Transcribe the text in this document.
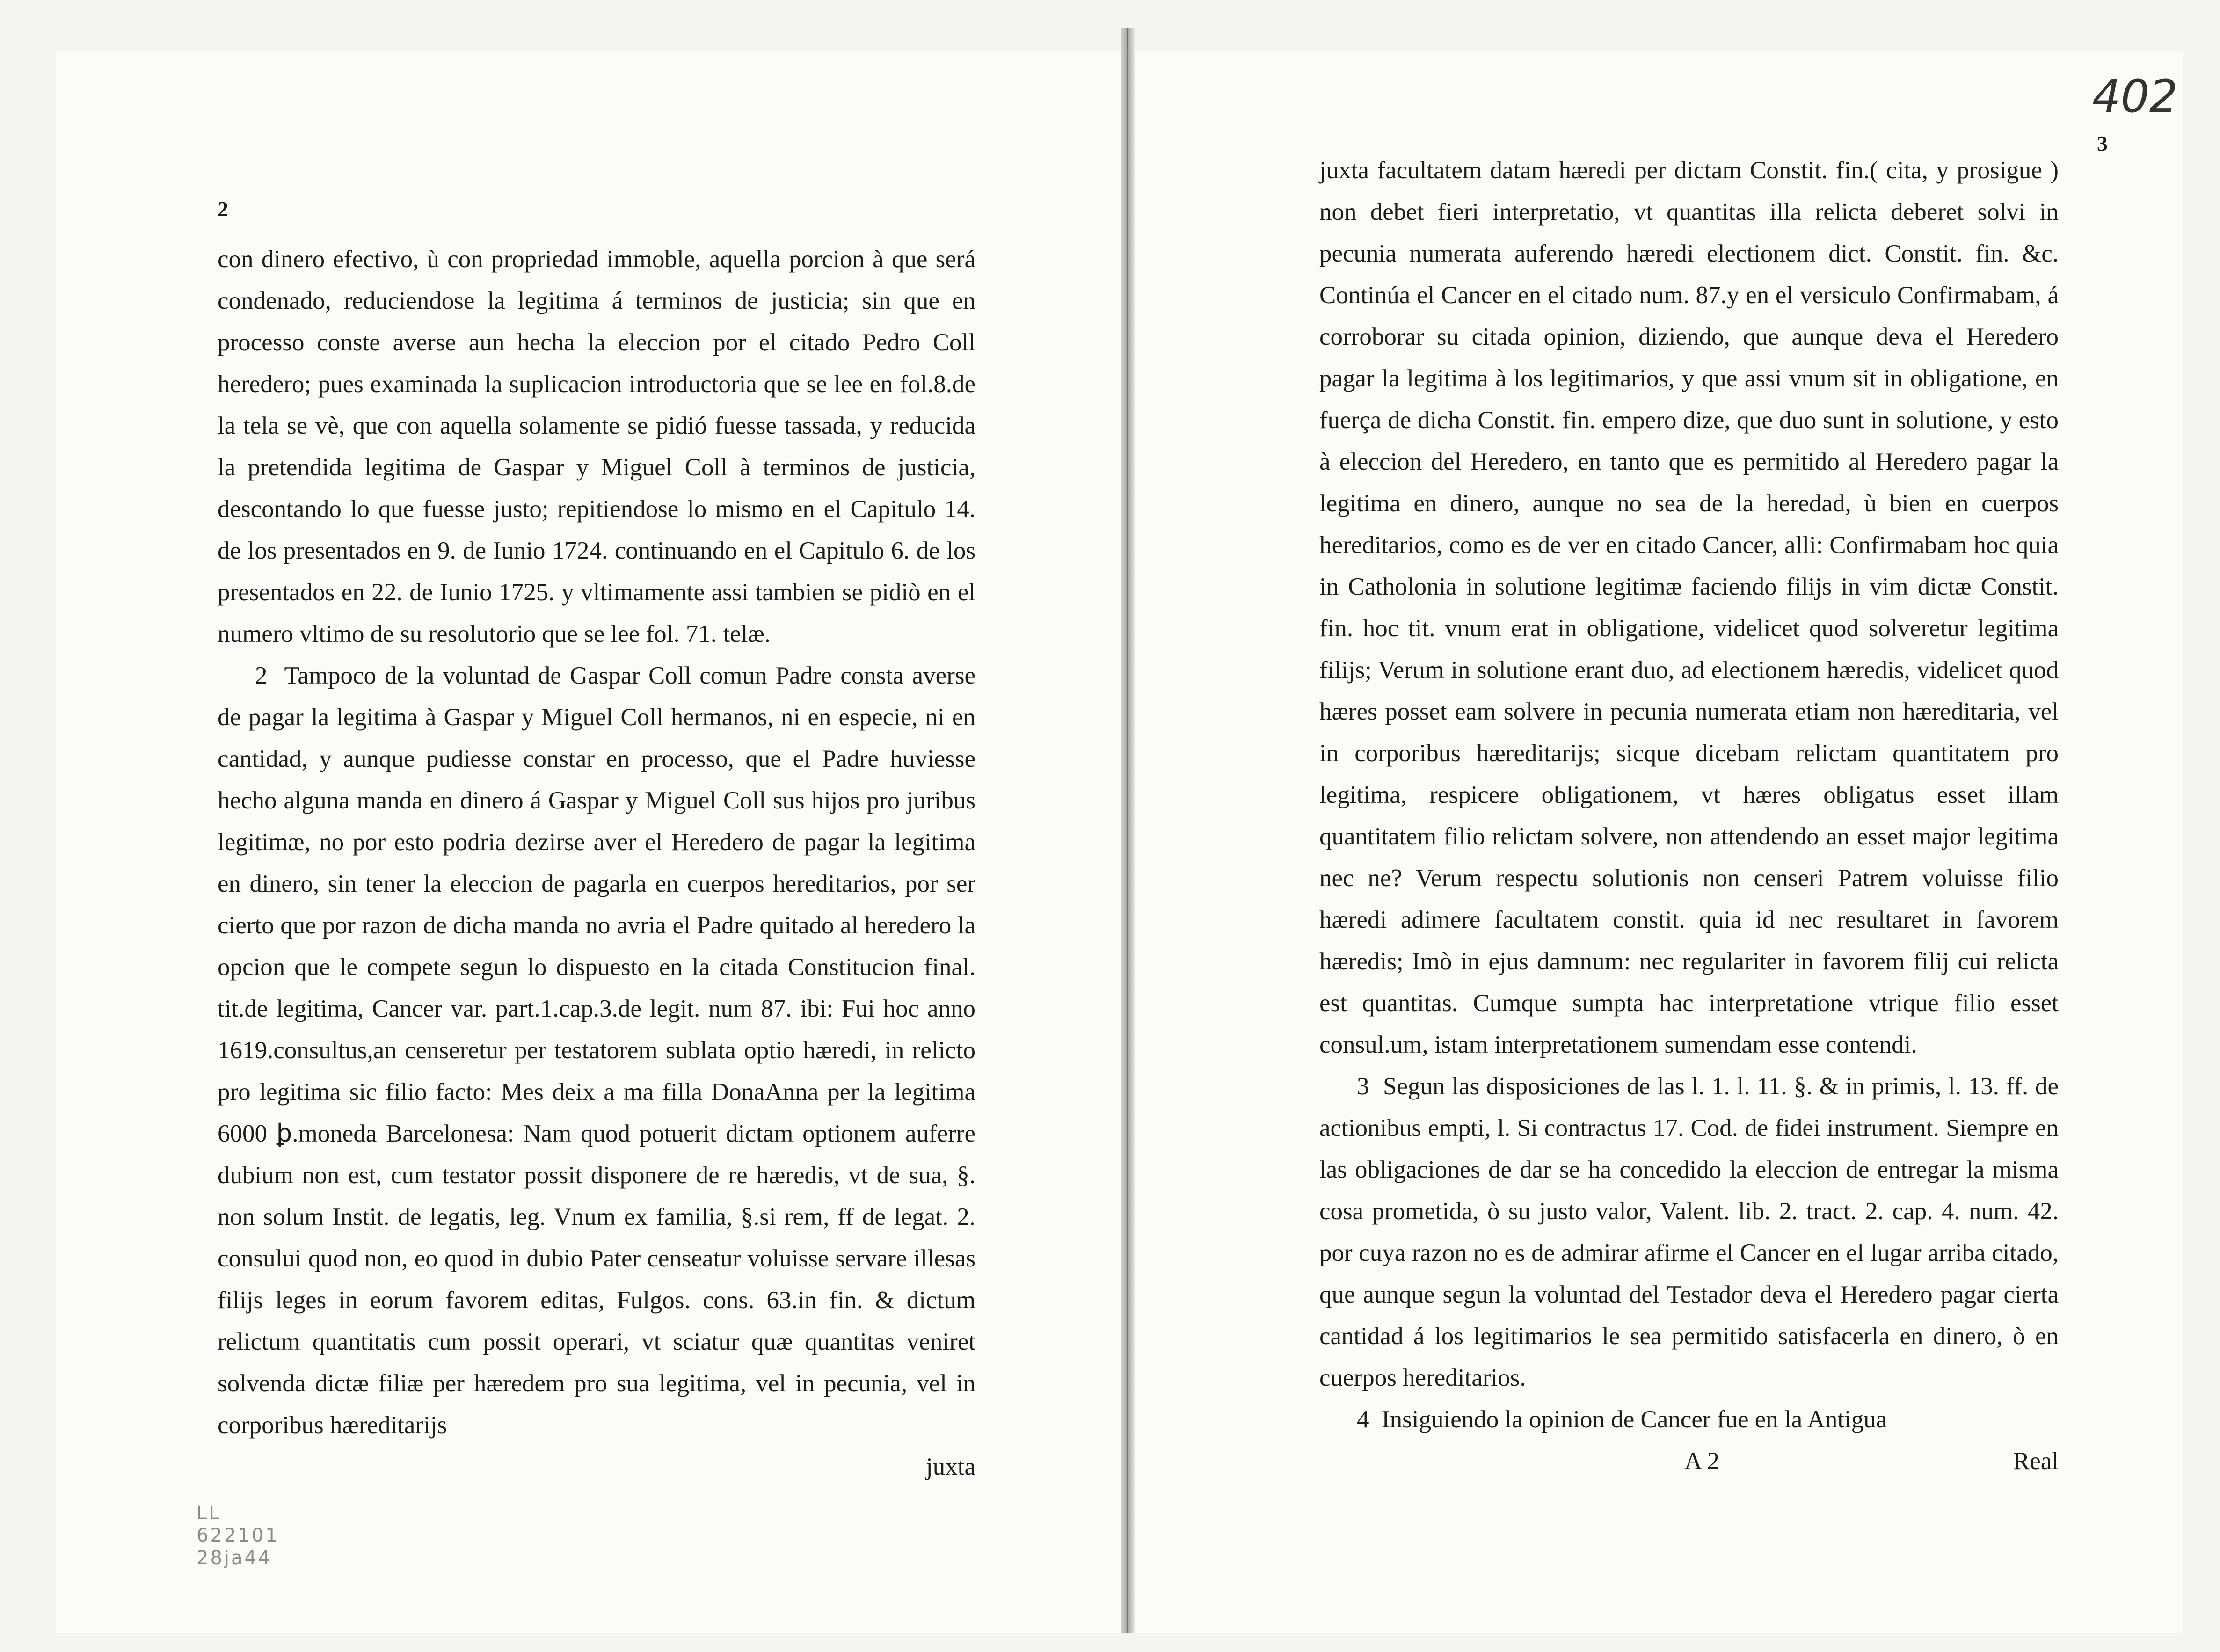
2

con dinero efectivo, ù con propriedad immoble, aquella porcion à que será condenado, reduciendose la legitima á terminos de justicia; sin que en processo conste averse aun hecha la eleccion por el citado Pedro Coll heredero; pues examinada la suplicacion introductoria que se lee en fol.8.de la tela se vè, que con aquella solamente se pidió fuesse tassada, y reducida la pretendida legitima de Gaspar y Miguel Coll à terminos de justicia, descontando lo que fuesse justo; repitiendose lo mismo en el Capitulo 14. de los presentados en 9. de Iunio 1724. continuando en el Capitulo 6. de los presentados en 22. de Iunio 1725. y vltimamente assi tambien se pidiò en el numero vltimo de su resolutorio que se lee fol. 71. telæ.

2 Tampoco de la voluntad de Gaspar Coll comun Padre consta averse de pagar la legitima à Gaspar y Miguel Coll hermanos, ni en especie, ni en cantidad, y aunque pudiesse constar en processo, que el Padre huviesse hecho alguna manda en dinero á Gaspar y Miguel Coll sus hijos pro juribus legitimæ, no por esto podria dezirse aver el Heredero de pagar la legitima en dinero, sin tener la eleccion de pagarla en cuerpos hereditarios, por ser cierto que por razon de dicha manda no avria el Padre quitado al heredero la opcion que le compete segun lo dispuesto en la citada Constitucion final. tit.de legitima, Cancer var. part.1.cap.3.de legit. num 87. ibi: Fui hoc anno 1619.consultus,an censeretur per testatorem sublata optio hæredi, in relicto pro legitima sic filio facto: Mes deix a ma filla DonaAnna per la legitima 6000 ꝧ.moneda Barcelonesa: Nam quod potuerit dictam optionem auferre dubium non est, cum testator possit disponere de re hæredis, vt de sua, §. non solum Instit. de legatis, leg. Vnum ex familia, §.si rem, ff de legat. 2. consului quod non, eo quod in dubio Pater censeatur voluisse servare illesas filijs leges in eorum favorem editas, Fulgos. cons. 63.in fin. & dictum relictum quantitatis cum possit operari, vt sciatur quæ quantitas veniret solvenda dictæ filiæ per hæredem pro sua legitima, vel in pecunia, vel in corporibus hæreditarijs

juxta
LL
622101
28ja44
3

juxta facultatem datam hæredi per dictam Constit. fin.( cita, y prosigue ) non debet fieri interpretatio, vt quantitas illa relicta deberet solvi in pecunia numerata auferendo hæredi electionem dict. Constit. fin. &c. Continúa el Cancer en el citado num. 87.y en el versiculo Confirmabam, á corroborar su citada opinion, diziendo, que aunque deva el Heredero pagar la legitima à los legitimarios, y que assi vnum sit in obligatione, en fuerça de dicha Constit. fin. empero dize, que duo sunt in solutione, y esto à eleccion del Heredero, en tanto que es permitido al Heredero pagar la legitima en dinero, aunque no sea de la heredad, ù bien en cuerpos hereditarios, como es de ver en citado Cancer, alli: Confirmabam hoc quia in Catholonia in solutione legitimæ faciendo filijs in vim dictæ Constit. fin. hoc tit. vnum erat in obligatione, videlicet quod solveretur legitima filijs; Verum in solutione erant duo, ad electionem hæredis, videlicet quod hæres posset eam solvere in pecunia numerata etiam non hæreditaria, vel in corporibus hæreditarijs; sicque dicebam relictam quantitatem pro legitima, respicere obligationem, vt hæres obligatus esset illam quantitatem filio relictam solvere, non attendendo an esset major legitima nec ne? Verum respectu solutionis non censeri Patrem voluisse filio hæredi adimere facultatem constit. quia id nec resultaret in favorem hæredis; Imò in ejus damnum: nec regulariter in favorem filij cui relicta est quantitas. Cumque sumpta hac interpretatione vtrique filio esset consul.um, istam interpretationem sumendam esse contendi.

3 Segun las disposiciones de las l. 1. l. 11. §. & in primis, l. 13. ff. de actionibus empti, l. Si contractus 17. Cod. de fidei instrument. Siempre en las obligaciones de dar se ha concedido la eleccion de entregar la misma cosa prometida, ò su justo valor, Valent. lib. 2. tract. 2. cap. 4. num. 42. por cuya razon no es de admirar afirme el Cancer en el lugar arriba citado, que aunque segun la voluntad del Testador deva el Heredero pagar cierta cantidad á los legitimarios le sea permitido satisfacerla en dinero, ò en cuerpos hereditarios.

4 Insiguiendo la opinion de Cancer fue en la Antigua

A 2	Real
402
